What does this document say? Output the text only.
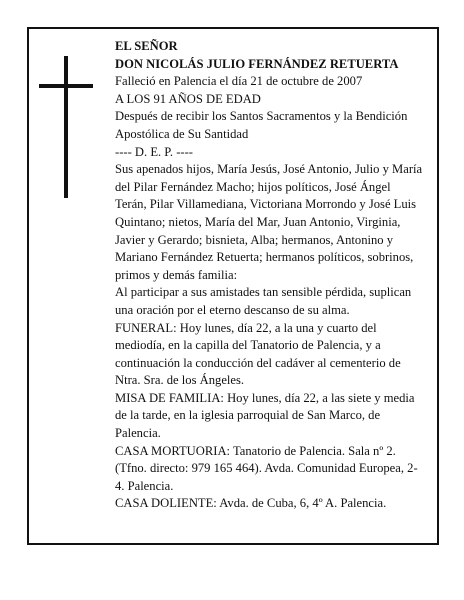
EL SEÑOR

DON NICOLÁS JULIO FERNÁNDEZ RETUERTA

Falleció en Palencia el día 21 de octubre de 2007

A LOS 91 AÑOS DE EDAD

Después de recibir los Santos Sacramentos y la Bendición Apostólica de Su Santidad

---- D. E. P. ----

Sus apenados hijos, María Jesús, José Antonio, Julio y María del Pilar Fernández Macho; hijos políticos, José Ángel Terán, Pilar Villamediana, Victoriana Morrondo y José Luis Quintano; nietos, María del Mar, Juan Antonio, Virginia, Javier y Gerardo; bisnieta, Alba; hermanos, Antonino y Mariano Fernández Retuerta; hermanos políticos, sobrinos, primos y demás familia:

Al participar a sus amistades tan sensible pérdida, suplican una oración por el eterno descanso de su alma.

FUNERAL: Hoy lunes, día 22, a la una y cuarto del mediodía, en la capilla del Tanatorio de Palencia, y a continuación la conducción del cadáver al cementerio de Ntra. Sra. de los Ángeles.

MISA DE FAMILIA: Hoy lunes, día 22, a las siete y media de la tarde, en la iglesia parroquial de San Marco, de Palencia.

CASA MORTUORIA: Tanatorio de Palencia. Sala nº 2. (Tfno. directo: 979 165 464). Avda. Comunidad Europea, 2-4. Palencia.

CASA DOLIENTE: Avda. de Cuba, 6, 4º A. Palencia.
